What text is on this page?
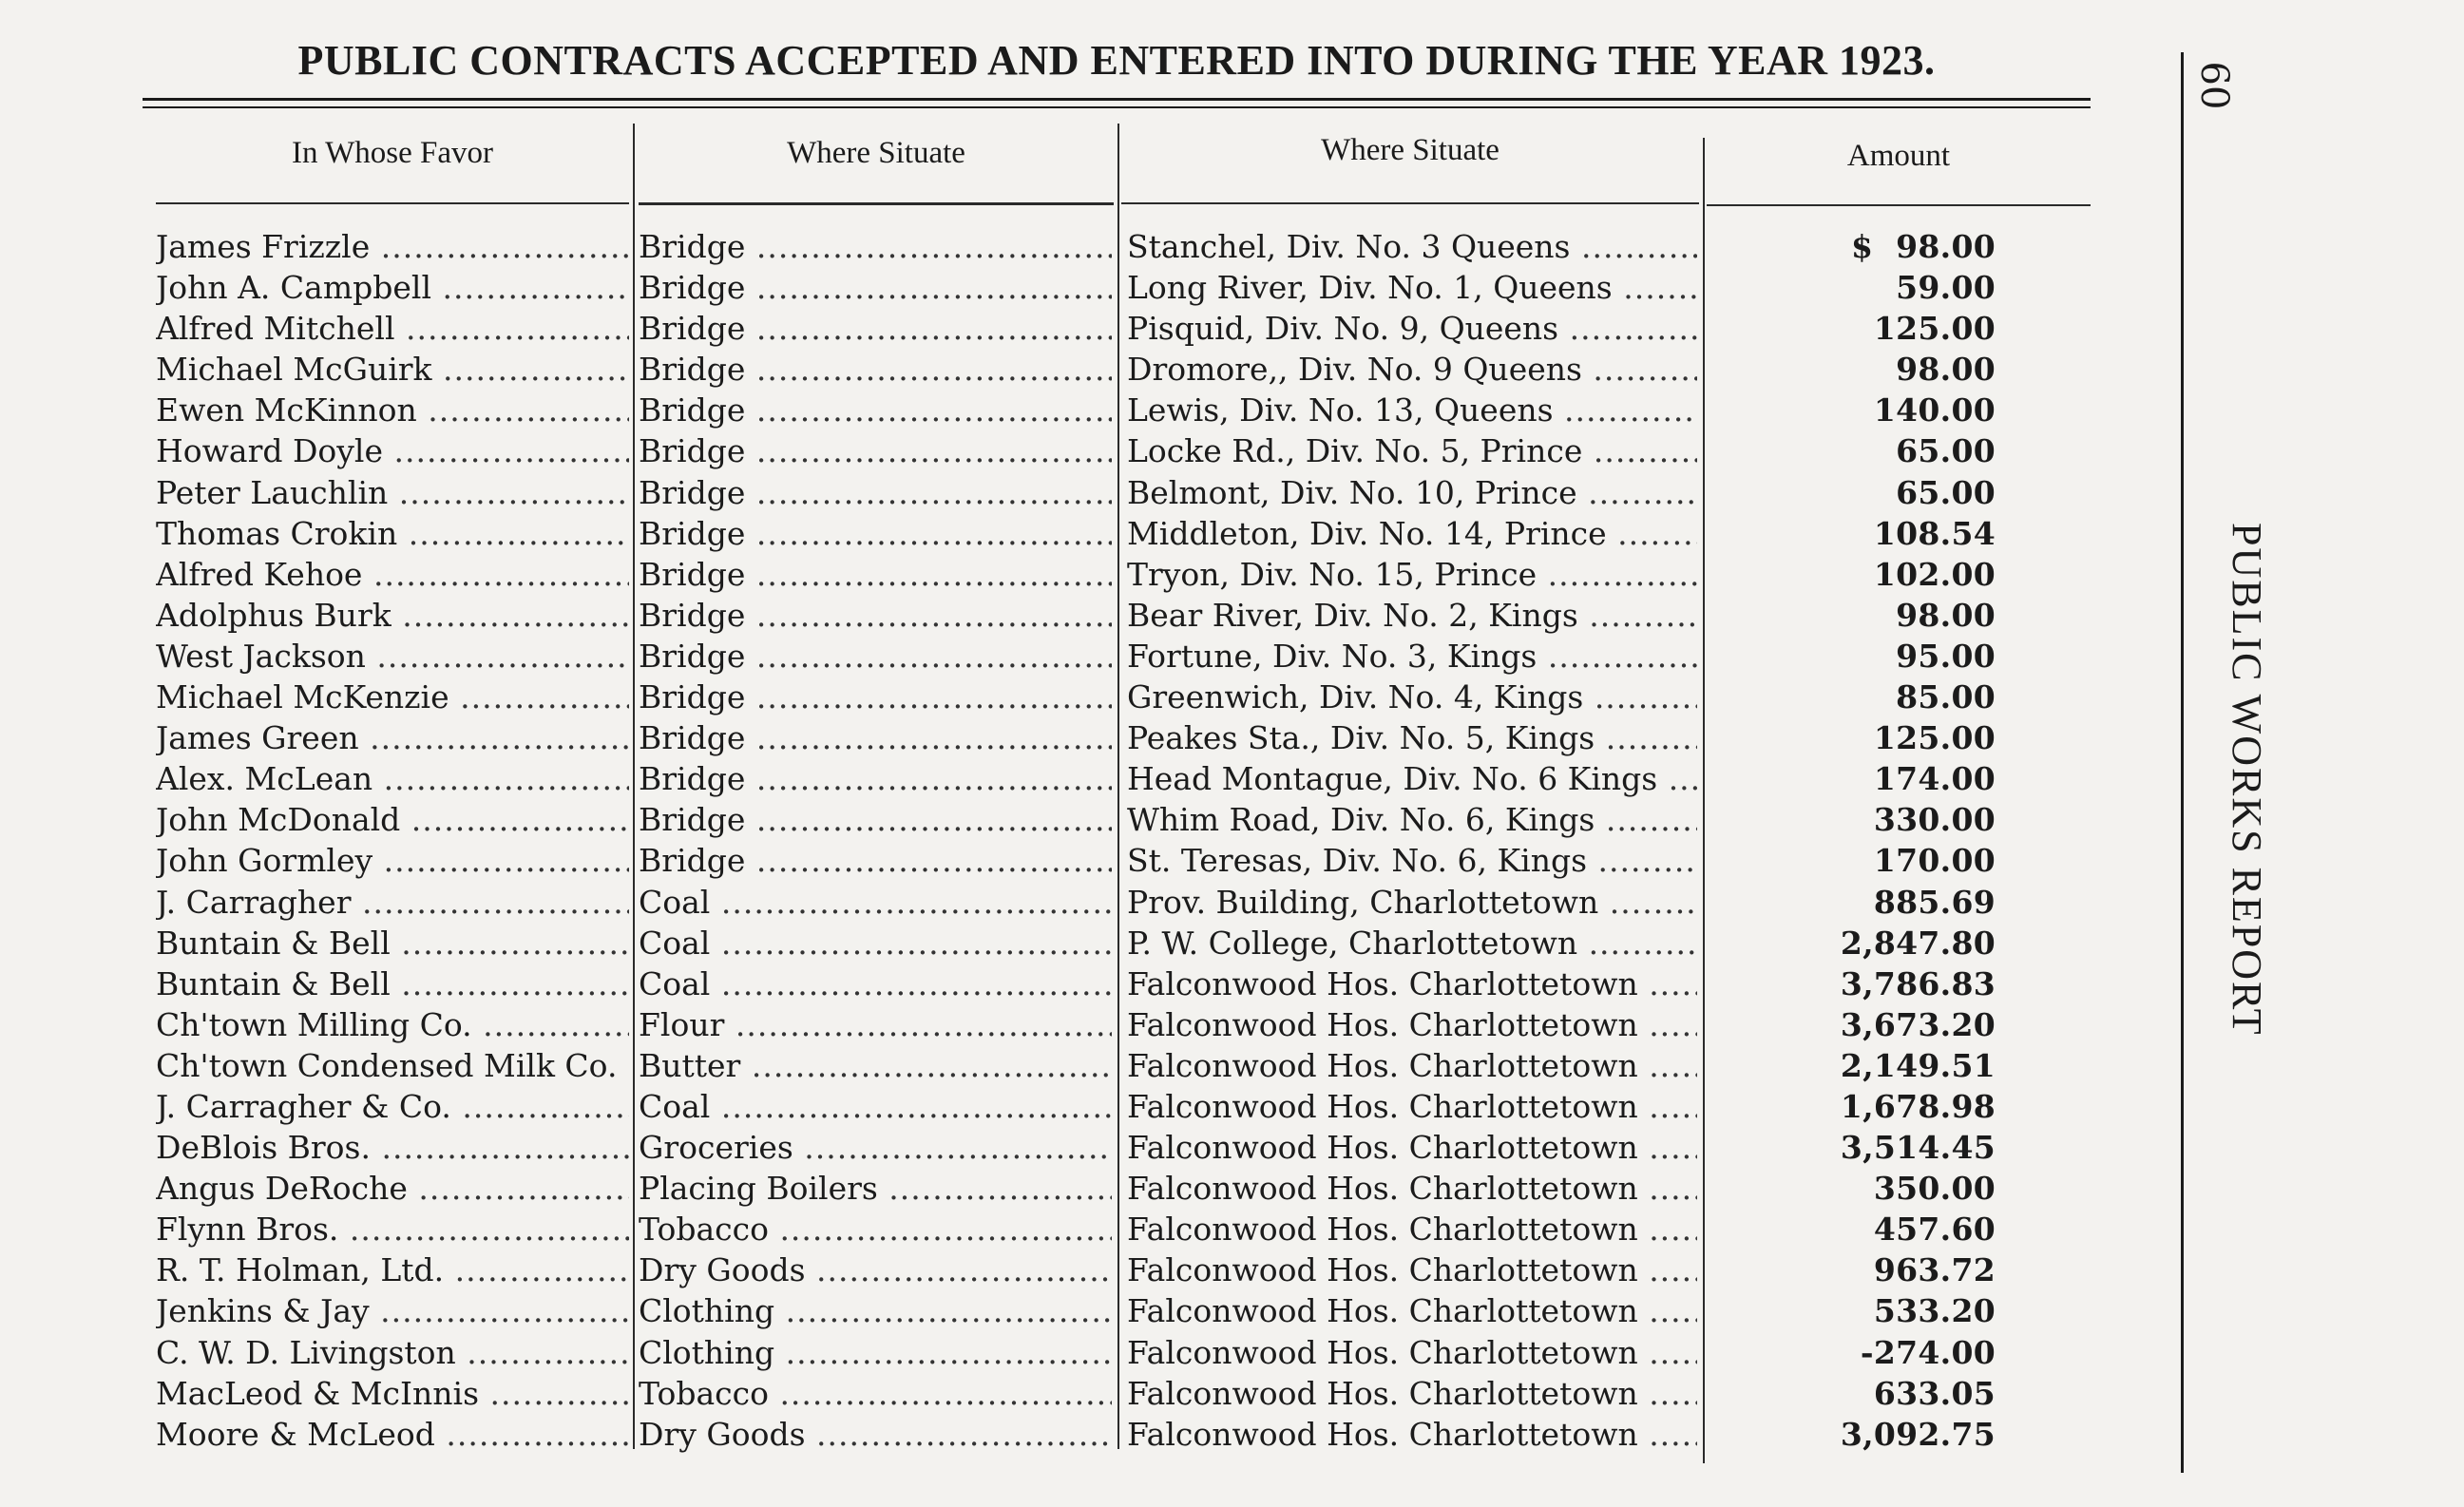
PUBLIC CONTRACTS ACCEPTED AND ENTERED INTO DURING THE YEAR 1923.
In Whose Favor	Where Situate	Where Situate	Amount
James Frizzle .....	Bridge .....	Stanchel, Div. No. 3 Queens .....	$ 98.00
John A. Campbell .....	Bridge .....	Long River, Div. No. 1, Queens .....	59.00
Alfred Mitchell .....	Bridge .....	Pisquid, Div. No. 9, Queens .....	125.00
Michael McGuirk .....	Bridge .....	Dromore,, Div. No. 9 Queens .....	98.00
Ewen McKinnon .....	Bridge .....	Lewis, Div. No. 13, Queens .....	140.00
Howard Doyle .....	Bridge .....	Locke Rd., Div. No. 5, Prince .....	65.00
Peter Lauchlin .....	Bridge .....	Belmont, Div. No. 10, Prince .....	65.00
Thomas Crokin .....	Bridge .....	Middleton, Div. No. 14, Prince .....	108.54
Alfred Kehoe .....	Bridge .....	Tryon, Div. No. 15, Prince .....	102.00
Adolphus Burk .....	Bridge .....	Bear River, Div. No. 2, Kings .....	98.00
West Jackson .....	Bridge .....	Fortune, Div. No. 3, Kings .....	95.00
Michael McKenzie .....	Bridge .....	Greenwich, Div. No. 4, Kings .....	85.00
James Green .....	Bridge .....	Peakes Sta., Div. No. 5, Kings .....	125.00
Alex. McLean .....	Bridge .....	Head Montague, Div. No. 6 Kings .....	174.00
John McDonald .....	Bridge .....	Whim Road, Div. No. 6, Kings .....	330.00
John Gormley .....	Bridge .....	St. Teresas, Div. No. 6, Kings .....	170.00
J. Carragher .....	Coal .....	Prov. Building, Charlottetown .....	885.69
Buntain & Bell .....	Coal .....	P. W. College, Charlottetown .....	2,847.80
Buntain & Bell .....	Coal .....	Falconwood Hos. Charlottetown .....	3,786.83
Ch'town Milling Co. .....	Flour .....	Falconwood Hos. Charlottetown .....	3,673.20
Ch'town Condensed Milk Co. ..... Butter .....	Falconwood Hos. Charlottetown .....	2,149.51
J. Carragher & Co. .....	Coal .....	Falconwood Hos. Charlottetown .....	1,678.98
DeBlois Bros. .....	Groceries .....	Falconwood Hos. Charlottetown .....	3,514.45
Angus DeRoche .....	Placing Boilers .....	Falconwood Hos. Charlottetown .....	350.00
Flynn Bros. .....	Tobacco .....	Falconwood Hos. Charlottetown .....	457.60
R. T. Holman, Ltd. .....	Dry Goods .....	Falconwood Hos. Charlottetown .....	963.72
Jenkins & Jay .....	Clothing .....	Falconwood Hos. Charlottetown .....	533.20
C. W. D. Livingston .....	Clothing .....	Falconwood Hos. Charlottetown .....	-274.00
MacLeod & McInnis .....	Tobacco .....	Falconwood Hos. Charlottetown .....	633.05
Moore & McLeod .....	Dry Goods .....	Falconwood Hos. Charlottetown .....	3,092.75
60
PUBLIC WORKS REPORT
